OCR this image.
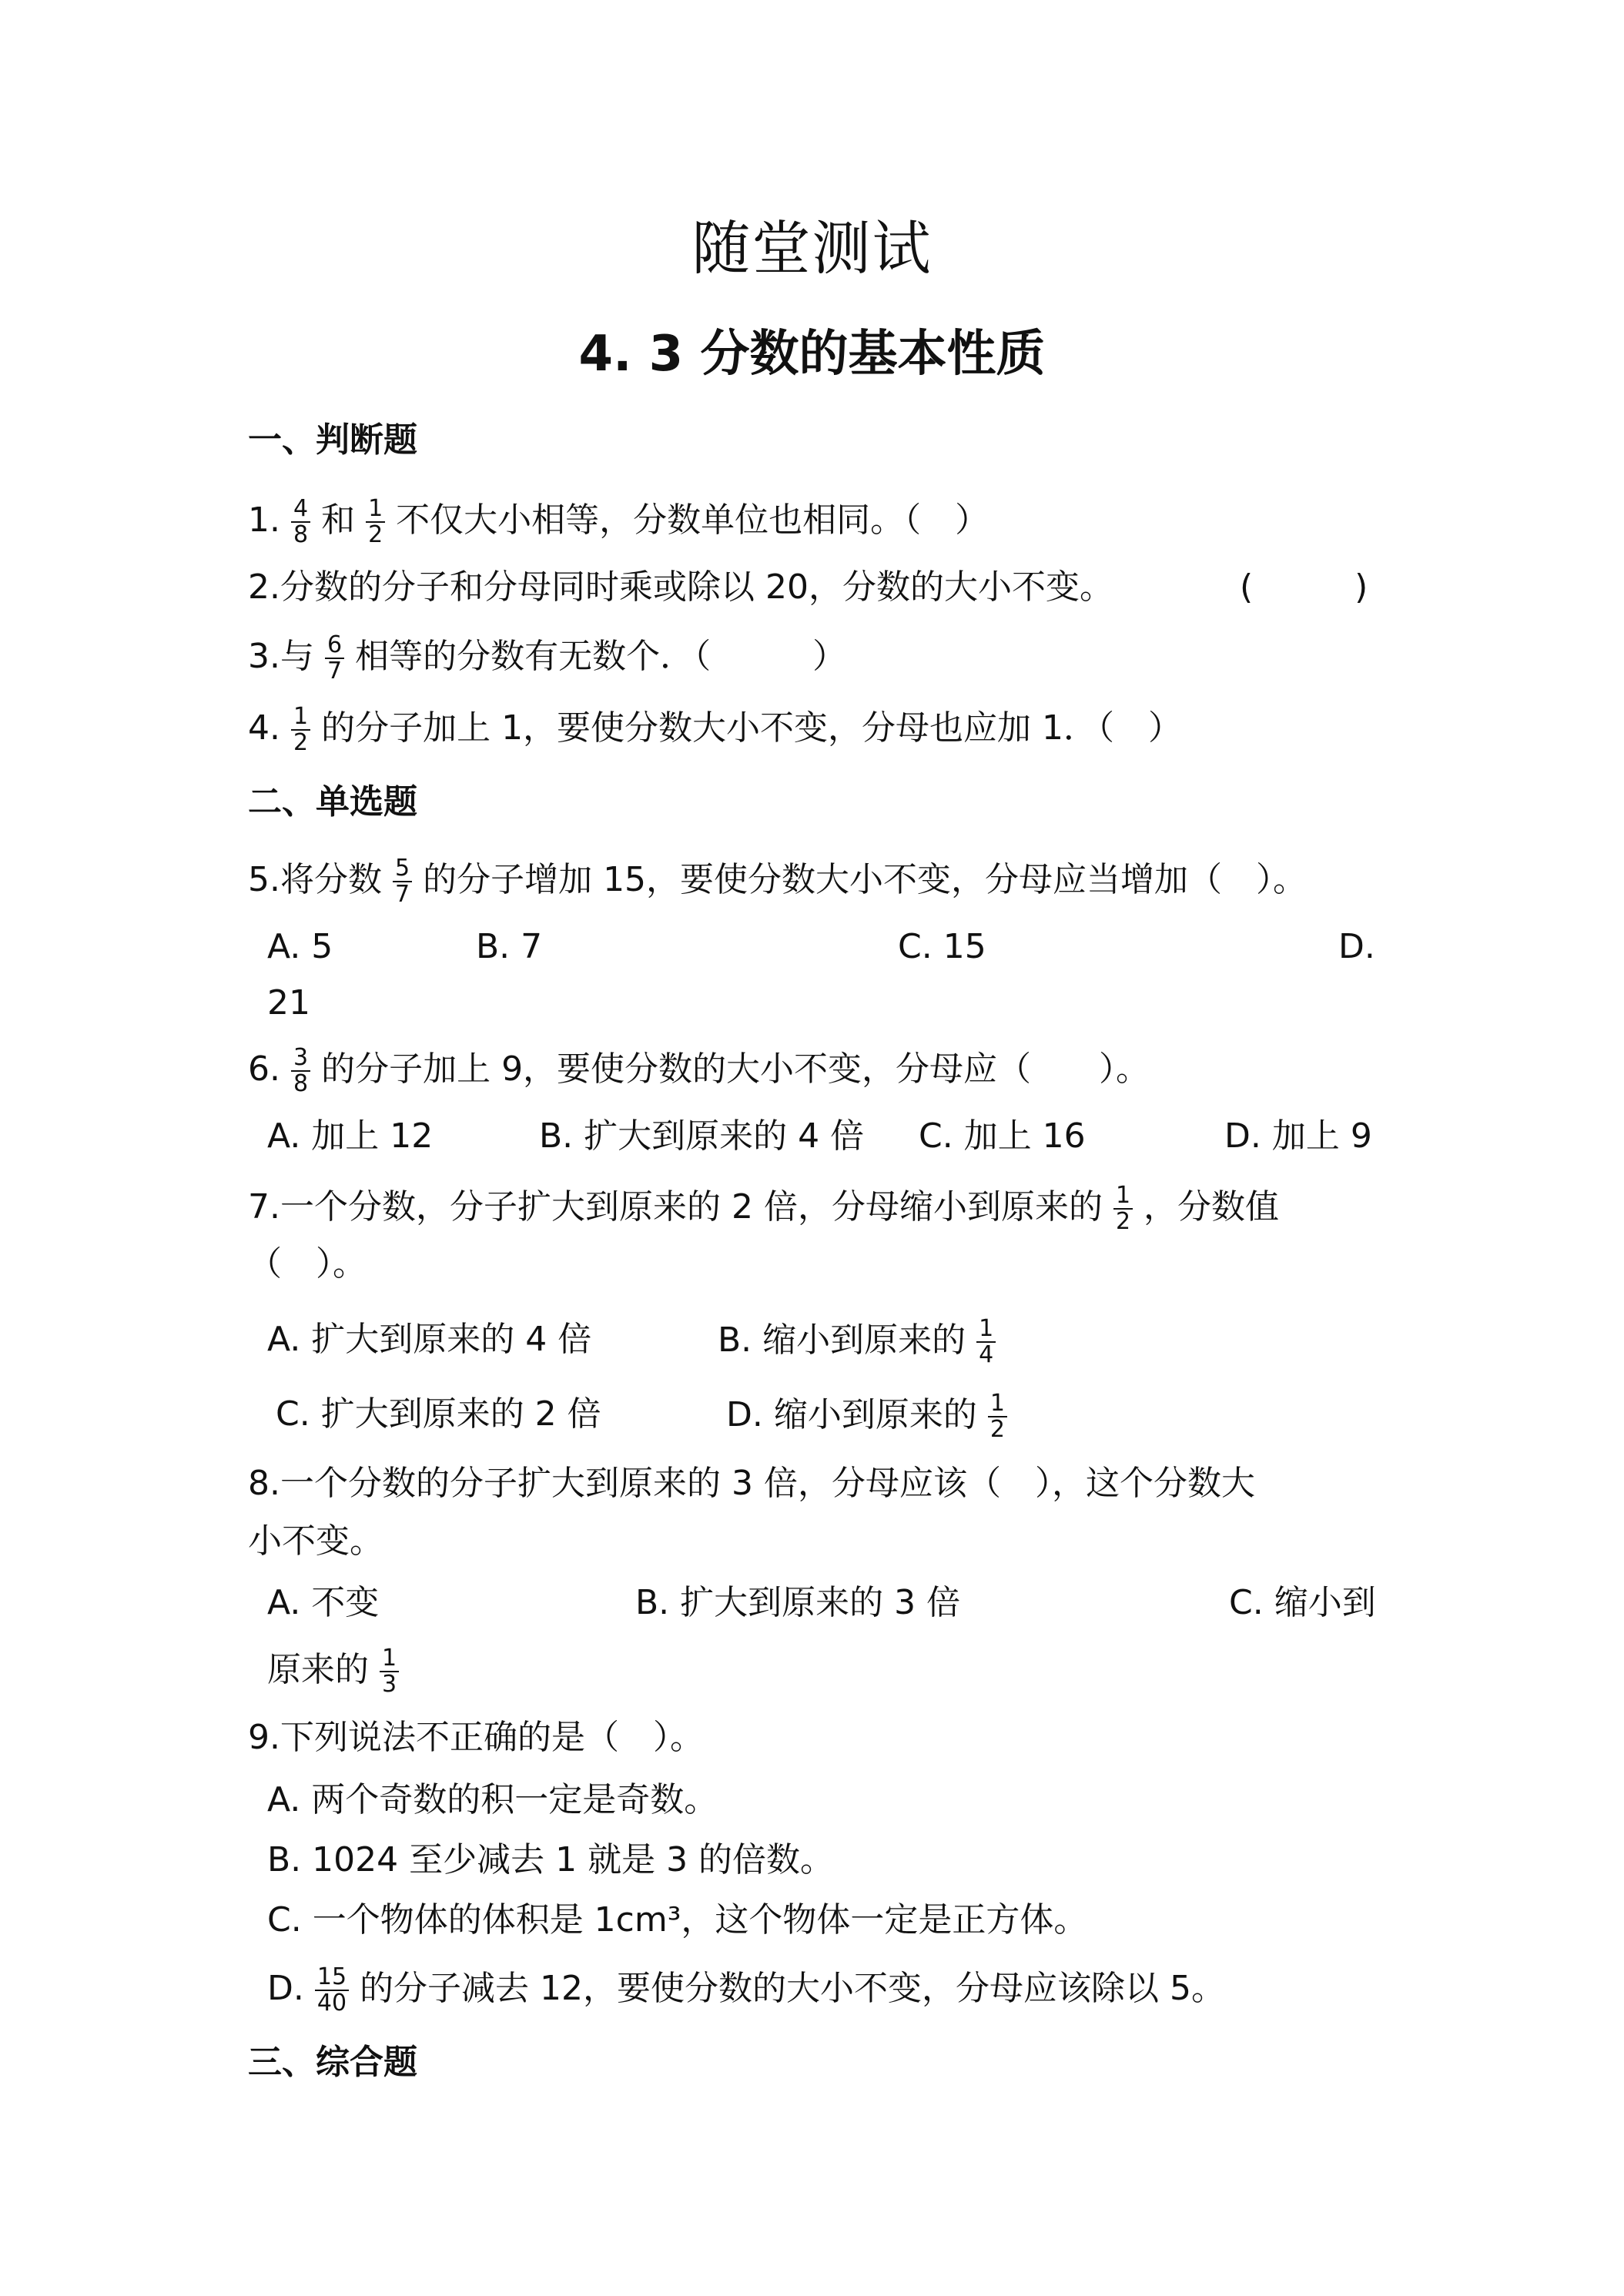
随堂测试
4. 3 分数的基本性质
一、判断题
1. $\frac{4}{8}$ 和 $\frac{1}{2}$ 不仅大小相等，分数单位也相同。（　）
2.分数的分子和分母同时乘或除以 20，分数的大小不变。	(　　　)
3.与 $\frac{6}{7}$ 相等的分数有无数个．（　　　）
4. $\frac{1}{2}$ 的分子加上 1，要使分数大小不变，分母也应加 1．（　）
二、单选题
5.将分数 $\frac{5}{7}$ 的分子增加 15，要使分数大小不变，分母应当增加（　）。
A. 5	B. 7	C. 15	D.
21
6. $\frac{3}{8}$ 的分子加上 9，要使分数的大小不变，分母应（　　）。
A. 加上 12	B. 扩大到原来的 4 倍 C. 加上 16	D. 加上 9
7.一个分数，分子扩大到原来的 2 倍，分母缩小到原来的 $\frac{1}{2}$ ，分数值
（　）。
A. 扩大到原来的 4 倍	B. 缩小到原来的 $\frac{1}{4}$
C. 扩大到原来的 2 倍	D. 缩小到原来的 $\frac{1}{2}$
8.一个分数的分子扩大到原来的 3 倍，分母应该（　），这个分数大
小不变。
A. 不变	B. 扩大到原来的 3 倍	C. 缩小到
原来的 $\frac{1}{3}$
9.下列说法不正确的是（　）。
A. 两个奇数的积一定是奇数。
B. 1024 至少减去 1 就是 3 的倍数。
C. 一个物体的体积是 1cm³，这个物体一定是正方体。
D. $\frac{15}{40}$ 的分子减去 12，要使分数的大小不变，分母应该除以 5。
三、综合题
